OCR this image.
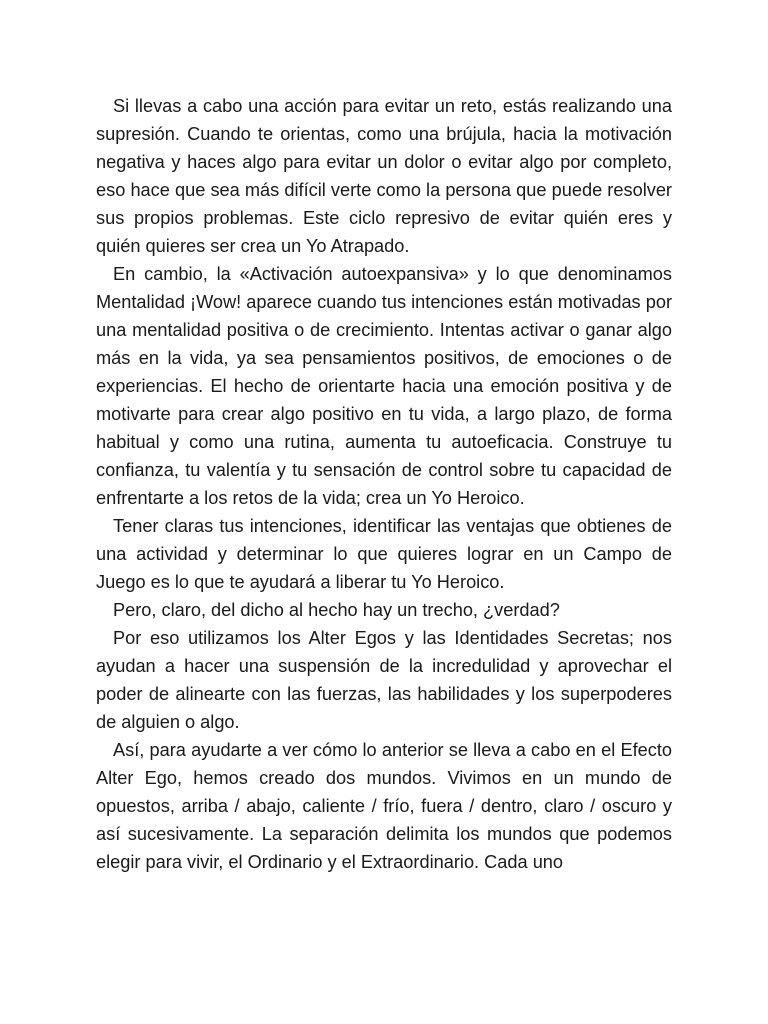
Si llevas a cabo una acción para evitar un reto, estás realizando una supresión. Cuando te orientas, como una brújula, hacia la motivación negativa y haces algo para evitar un dolor o evitar algo por completo, eso hace que sea más difícil verte como la persona que puede resolver sus propios problemas. Este ciclo represivo de evitar quién eres y quién quieres ser crea un Yo Atrapado.

En cambio, la «Activación autoexpansiva» y lo que denominamos Mentalidad ¡Wow! aparece cuando tus intenciones están motivadas por una mentalidad positiva o de crecimiento. Intentas activar o ganar algo más en la vida, ya sea pensamientos positivos, de emociones o de experiencias. El hecho de orientarte hacia una emoción positiva y de motivarte para crear algo positivo en tu vida, a largo plazo, de forma habitual y como una rutina, aumenta tu autoeficacia. Construye tu confianza, tu valentía y tu sensación de control sobre tu capacidad de enfrentarte a los retos de la vida; crea un Yo Heroico.

Tener claras tus intenciones, identificar las ventajas que obtienes de una actividad y determinar lo que quieres lograr en un Campo de Juego es lo que te ayudará a liberar tu Yo Heroico.

Pero, claro, del dicho al hecho hay un trecho, ¿verdad?

Por eso utilizamos los Alter Egos y las Identidades Secretas; nos ayudan a hacer una suspensión de la incredulidad y aprovechar el poder de alinearte con las fuerzas, las habilidades y los superpoderes de alguien o algo.

Así, para ayudarte a ver cómo lo anterior se lleva a cabo en el Efecto Alter Ego, hemos creado dos mundos. Vivimos en un mundo de opuestos, arriba / abajo, caliente / frío, fuera / dentro, claro / oscuro y así sucesivamente. La separación delimita los mundos que podemos elegir para vivir, el Ordinario y el Extraordinario. Cada uno
